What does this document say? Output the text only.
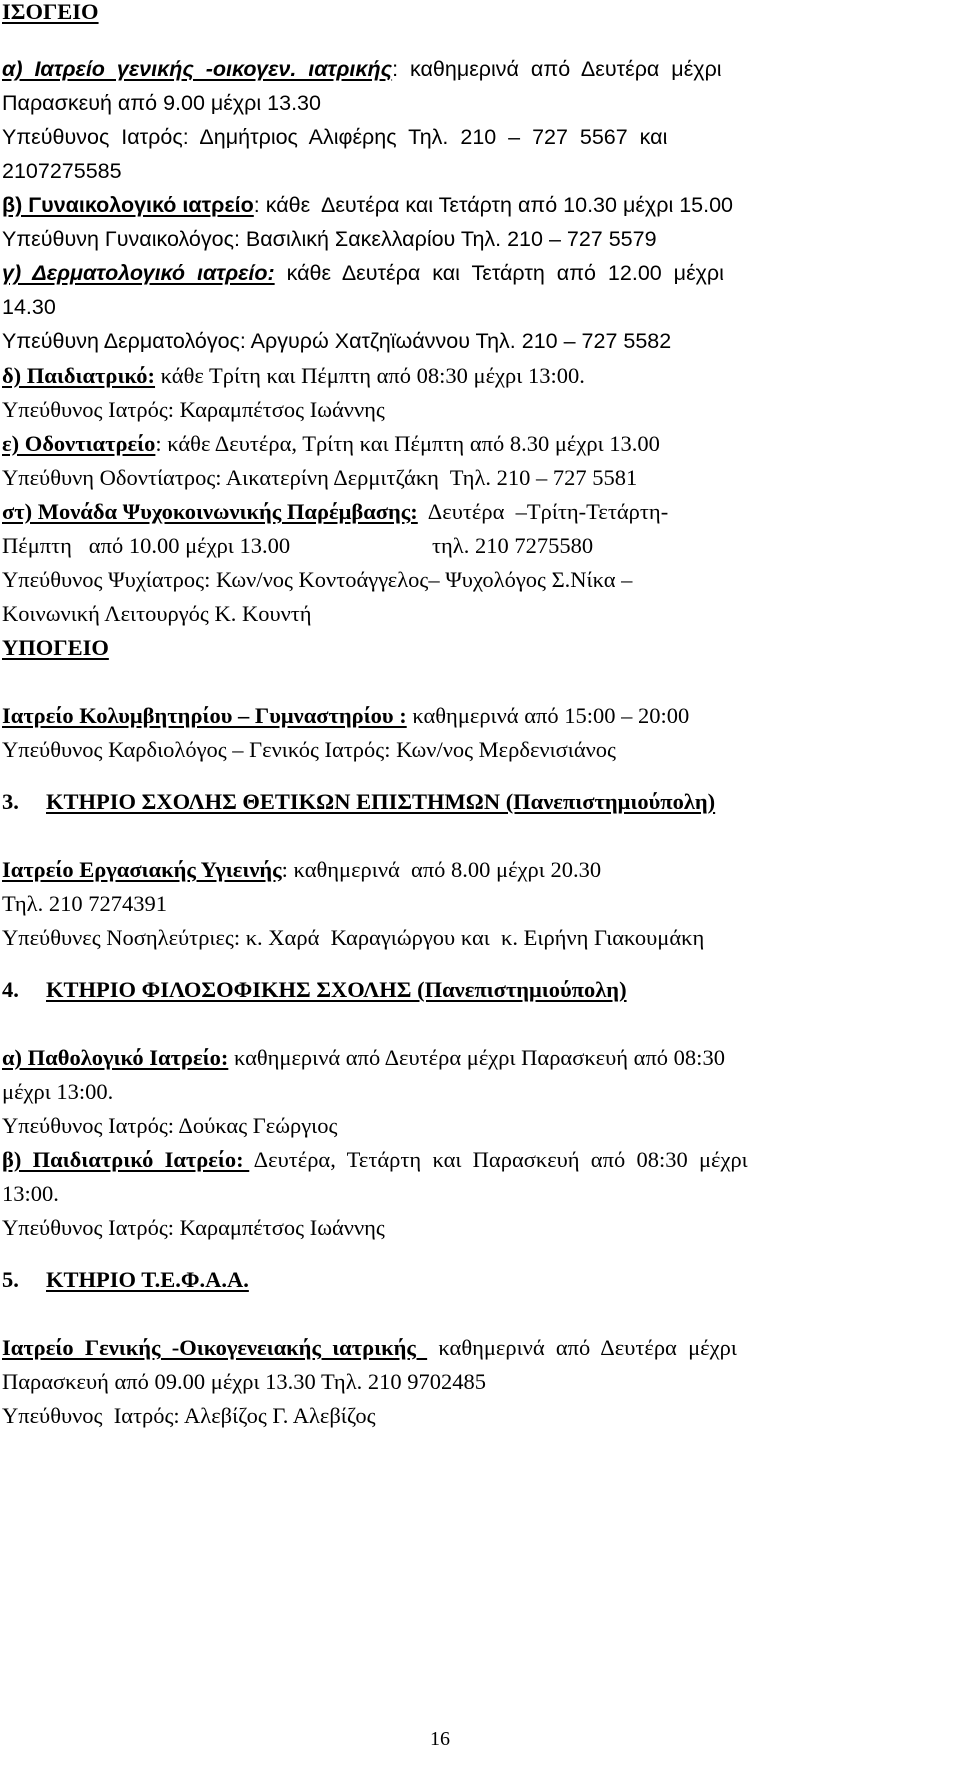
ΙΣΟΓΕΙΟ
α)  Ιατρείο  γενικής  -οικογεν.  ιατρικής:  καθημερινά  από  Δευτέρα  μέχρι
Παρασκευή από 9.00 μέχρι 13.30
Υπεύθυνος  Ιατρός:  Δημήτριος  Αλιφέρης  Τηλ.  210  –  727  5567  και
2107275585
β) Γυναικολογικό ιατρείο: κάθε  Δευτέρα και Τετάρτη από 10.30 μέχρι 15.00
Υπεύθυνη Γυναικολόγος: Βασιλική Σακελλαρίου Τηλ. 210 – 727 5579
γ)  Δερματολογικό  ιατρείο:  κάθε  Δευτέρα  και  Τετάρτη  από  12.00  μέχρι
14.30
Υπεύθυνη Δερματολόγος: Αργυρώ Χατζηϊωάννου Τηλ. 210 – 727 5582
δ) Παιδιατρικό: κάθε Τρίτη και Πέμπτη από 08:30 μέχρι 13:00.
Υπεύθυνος Ιατρός: Καραμπέτσος Ιωάννης
ε) Οδοντιατρείο: κάθε Δευτέρα, Τρίτη και Πέμπτη από 8.30 μέχρι 13.00
Υπεύθυνη Οδοντίατρος: Αικατερίνη Δερμιτζάκη  Τηλ. 210 – 727 5581
στ) Μονάδα Ψυχοκοινωνικής Παρέμβασης:  Δευτέρα  –Τρίτη-Τετάρτη-
Πέμπτη   από 10.00 μέχρι 13.00	τηλ. 210 7275580
Υπεύθυνος Ψυχίατρος: Κων/νος Κοντοάγγελος– Ψυχολόγος Σ.Νίκα –
Κοινωνική Λειτουργός Κ. Κουντή
ΥΠΟΓΕΙΟ
Ιατρείο Κολυμβητηρίου – Γυμναστηρίου : καθημερινά από 15:00 – 20:00
Υπεύθυνος Καρδιολόγος – Γενικός Ιατρός: Κων/νος Μερδενισιάνος
3. ΚΤΗΡΙΟ ΣΧΟΛΗΣ ΘΕΤΙΚΩΝ ΕΠΙΣΤΗΜΩΝ (Πανεπιστημιούπολη)
Ιατρείο Εργασιακής Υγιεινής: καθημερινά  από 8.00 μέχρι 20.30
Τηλ. 210 7274391
Υπεύθυνες Νοσηλεύτριες: κ. Χαρά  Καραγιώργου και  κ. Ειρήνη Γιακουμάκη
4. ΚΤΗΡΙΟ ΦΙΛΟΣΟΦΙΚΗΣ ΣΧΟΛΗΣ (Πανεπιστημιούπολη)
α) Παθολογικό Ιατρείο: καθημερινά από Δευτέρα μέχρι Παρασκευή από 08:30
μέχρι 13:00.
Υπεύθυνος Ιατρός: Δούκας Γεώργιος
β)  Παιδιατρικό  Ιατρείο:  Δευτέρα,  Τετάρτη  και  Παρασκευή  από  08:30  μέχρι
13:00.
Υπεύθυνος Ιατρός: Καραμπέτσος Ιωάννης
5. ΚΤΗΡΙΟ Τ.Ε.Φ.Α.Α.
Ιατρείο  Γενικής  -Οικογενειακής  ιατρικής    καθημερινά  από  Δευτέρα  μέχρι
Παρασκευή από 09.00 μέχρι 13.30 Τηλ. 210 9702485
Υπεύθυνος  Ιατρός: Αλεβίζος Γ. Αλεβίζος
16
